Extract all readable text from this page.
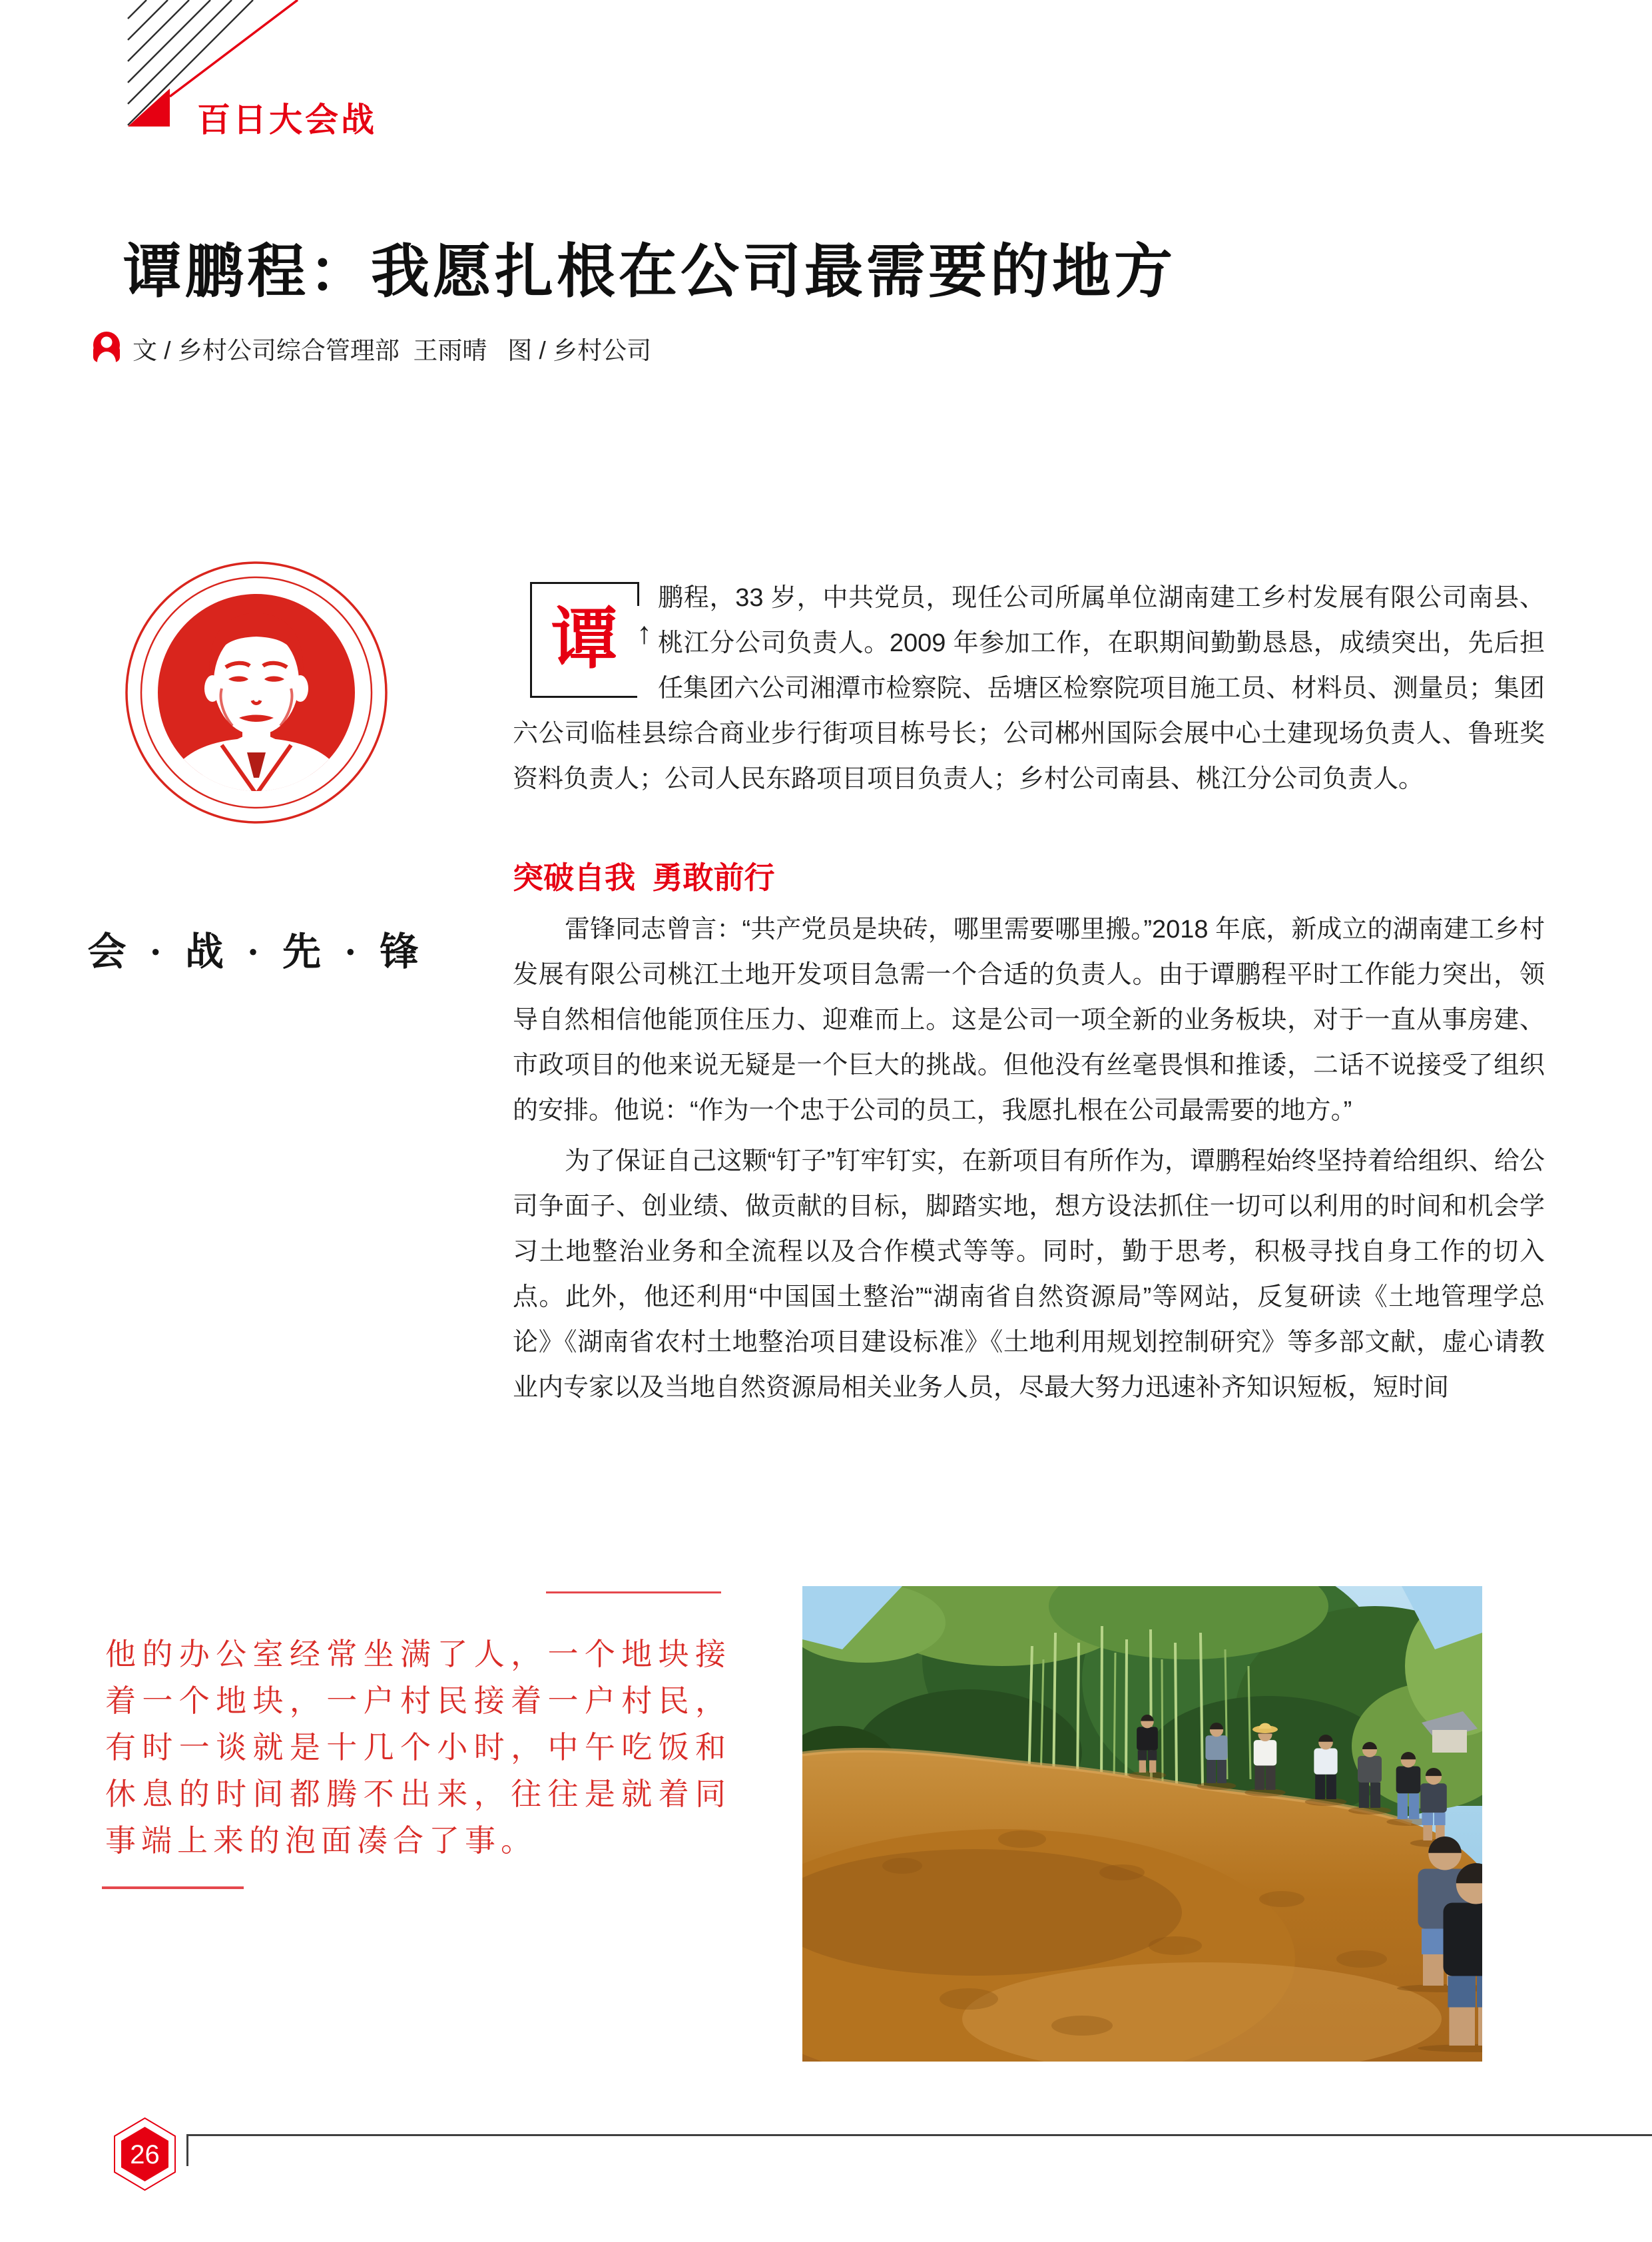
百日大会战
谭鹏程：我愿扎根在公司最需要的地方
文 / 乡村公司综合管理部  王雨晴   图 / 乡村公司
会 · 战 · 先 · 锋
谭 ↑
鹏程，33 岁，中共党员，现任公司所属单位湖南建工乡村发展有限公司南县、桃江分公司负责人。2009 年参加工作，在职期间勤勤恳恳，成绩突出，先后担任集团六公司湘潭市检察院、岳塘区检察院项目施工员、材料员、测量员；集团六公司临桂县综合商业步行街项目栋号长；公司郴州国际会展中心土建现场负责人、鲁班奖资料负责人；公司人民东路项目项目负责人；乡村公司南县、桃江分公司负责人。
突破自我  勇敢前行

雷锋同志曾言：“共产党员是块砖，哪里需要哪里搬。”2018 年底，新成立的湖南建工乡村发展有限公司桃江土地开发项目急需一个合适的负责人。由于谭鹏程平时工作能力突出，领导自然相信他能顶住压力、迎难而上。这是公司一项全新的业务板块，对于一直从事房建、市政项目的他来说无疑是一个巨大的挑战。但他没有丝毫畏惧和推诿，二话不说接受了组织的安排。他说：“作为一个忠于公司的员工，我愿扎根在公司最需要的地方。”

为了保证自己这颗“钉子”钉牢钉实，在新项目有所作为，谭鹏程始终坚持着给组织、给公司争面子、创业绩、做贡献的目标，脚踏实地，想方设法抓住一切可以利用的时间和机会学习土地整治业务和全流程以及合作模式等等。同时，勤于思考，积极寻找自身工作的切入点。此外，他还利用“中国国土整治”“湖南省自然资源局”等网站，反复研读《土地管理学总论》《湖南省农村土地整治项目建设标准》《土地利用规划控制研究》等多部文献，虚心请教业内专家以及当地自然资源局相关业务人员，尽最大努力迅速补齐知识短板，短时间

他的办公室经常坐满了人，一个地块接着一个地块，一户村民接着一户村民，有时一谈就是十几个小时，中午吃饭和休息的时间都腾不出来，往往是就着同事端上来的泡面凑合了事。
26
